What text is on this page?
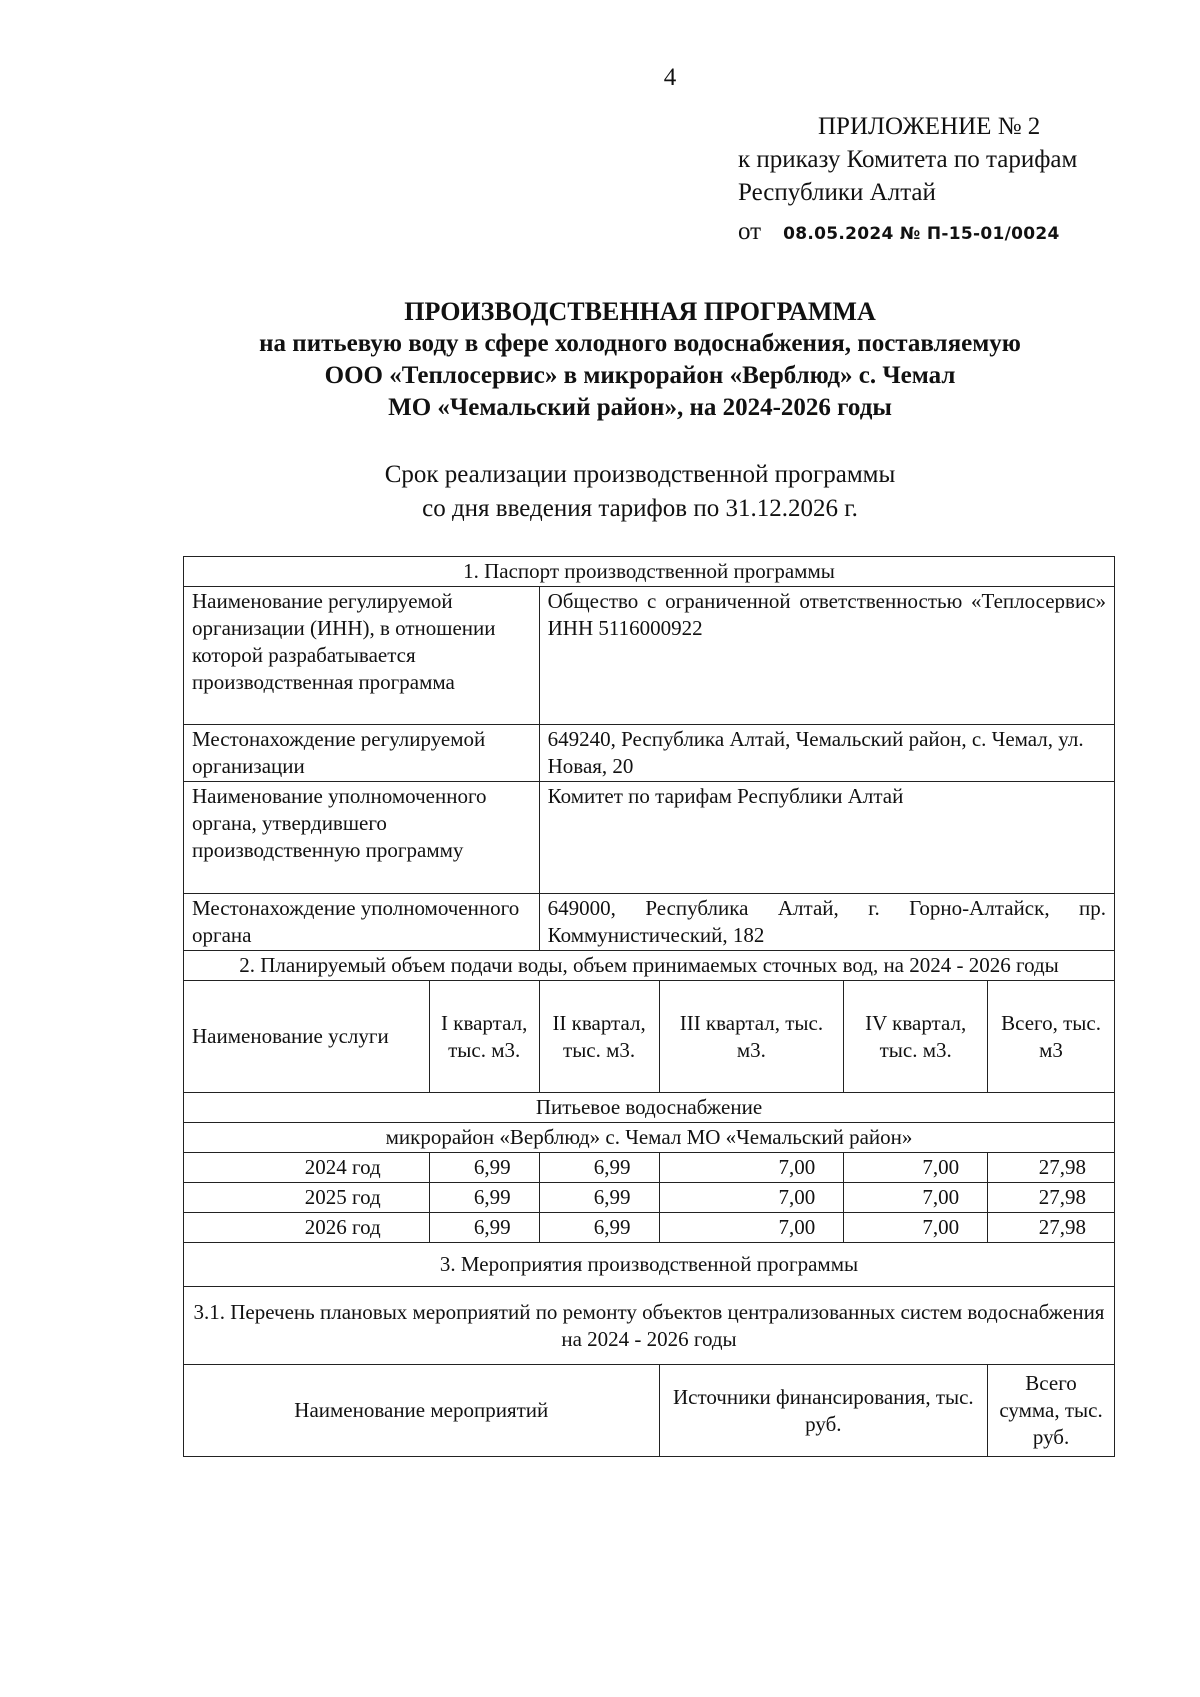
4
ПРИЛОЖЕНИЕ № 2
к приказу Комитета по тарифам
Республики Алтай
от 08.05.2024 № П-15-01/0024
ПРОИЗВОДСТВЕННАЯ ПРОГРАММА
на питьевую воду в сфере холодного водоснабжения, поставляемую
ООО «Теплосервис» в микрорайон «Верблюд» с. Чемал
МО «Чемальский район», на 2024-2026 годы
Срок реализации производственной программы
со дня введения тарифов по 31.12.2026 г.
1. Паспорт производственной программы					
Наименование регулируемой организации (ИНН), в отношении которой разрабатывается производственная программа		Общество с ограниченной ответственностью «Теплосервис» ИНН 5116000922			
Местонахождение регулируемой организации		649240, Республика Алтай, Чемальский район, с. Чемал, ул. Новая, 20			
Наименование уполномоченного органа, утвердившего производственную программу		Комитет по тарифам Республики Алтай			
Местонахождение уполномоченного органа		649000, Республика Алтай, г. Горно-Алтайск, пр. Коммунистический, 182			
2. Планируемый объем подачи воды, объем принимаемых сточных вод, на 2024 - 2026 годы					
Наименование услуги	I квартал, тыс. м3.	II квартал, тыс. м3.	III квартал, тыс. м3.	IV квартал, тыс. м3.	Всего, тыс. м3
Питьевое водоснабжение					
микрорайон «Верблюд» с. Чемал МО «Чемальский район»					
2024 год	6,99	6,99	7,00	7,00	27,98
2025 год	6,99	6,99	7,00	7,00	27,98
2026 год	6,99	6,99	7,00	7,00	27,98
3. Мероприятия производственной программы					
3.1. Перечень плановых мероприятий по ремонту объектов централизованных систем водоснабжения на 2024 - 2026 годы					
Наименование мероприятий			Источники финансирования, тыс. руб.		Всего сумма, тыс. руб.
